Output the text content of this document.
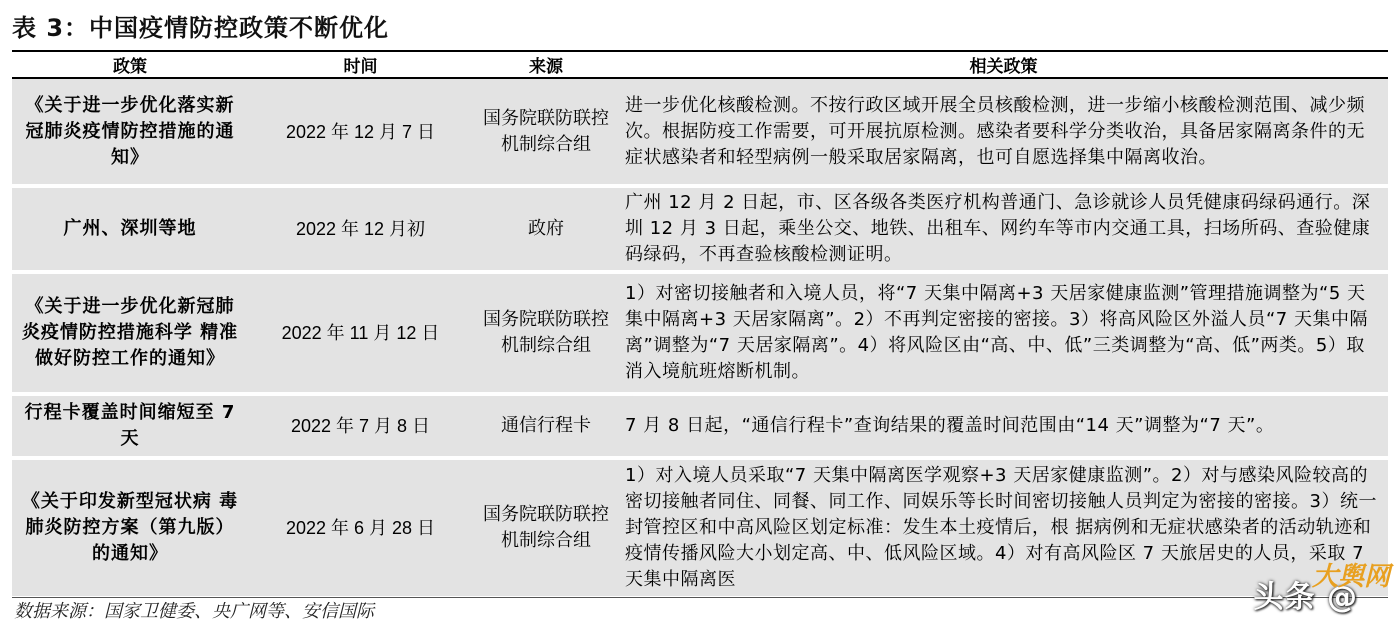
表 3：中国疫情防控政策不断优化
政策	时间	来源	相关政策
《关于进一步优化落实新冠肺炎疫情防控措施的通知》	2022 年 12 月 7 日	国务院联防联控机制综合组	进一步优化核酸检测。不按行政区域开展全员核酸检测，进一步缩小核酸检测范围、减少频次。根据防疫工作需要，可开展抗原检测。感染者要科学分类收治，具备居家隔离条件的无症状感染者和轻型病例一般采取居家隔离，也可自愿选择集中隔离收治。
广州、深圳等地	2022 年 12 月初	政府	广州 12 月 2 日起，市、区各级各类医疗机构普通门、急诊就诊人员凭健康码绿码通行。深圳 12 月 3 日起，乘坐公交、地铁、出租车、网约车等市内交通工具，扫场所码、查验健康码绿码，不再查验核酸检测证明。
《关于进一步优化新冠肺炎疫情防控措施科学 精准做好防控工作的通知》	2022 年 11 月 12 日	国务院联防联控机制综合组	1）对密切接触者和入境人员，将“7 天集中隔离+3 天居家健康监测”管理措施调整为“5 天集中隔离+3 天居家隔离”。2）不再判定密接的密接。3）将高风险区外溢人员“7 天集中隔离”调整为“7 天居家隔离”。4）将风险区由“高、中、低”三类调整为“高、低”两类。5）取消入境航班熔断机制。
行程卡覆盖时间缩短至 7 天	2022 年 7 月 8 日	通信行程卡	7 月 8 日起，“通信行程卡”查询结果的覆盖时间范围由“14 天”调整为“7 天”。
《关于印发新型冠状病 毒肺炎防控方案（第九版）的通知》	2022 年 6 月 28 日	国务院联防联控机制综合组	1）对入境人员采取“7 天集中隔离医学观察+3 天居家健康监测”。2）对与感染风险较高的密切接触者同住、同餐、同工作、同娱乐等长时间密切接触人员判定为密接的密接。3）统一封管控区和中高风险区划定标准：发生本土疫情后，根 据病例和无症状感染者的活动轨迹和疫情传播风险大小划定高、中、低风险区域。4）对有高风险区 7 天旅居史的人员，采取 7 天集中隔离医
数据来源：国家卫健委、央广网等、安信国际	头条 @
大舆网
